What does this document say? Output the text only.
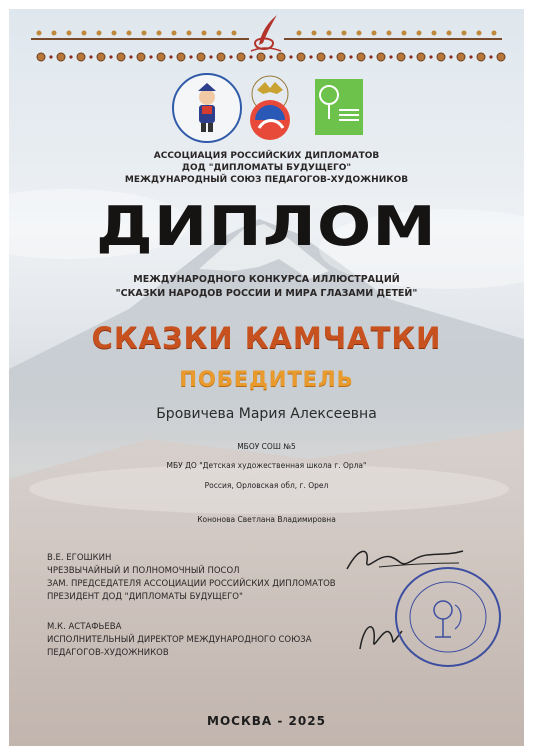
АССОЦИАЦИЯ РОССИЙСКИХ ДИПЛОМАТОВ
ДОД "ДИПЛОМАТЫ БУДУЩЕГО"
МЕЖДУНАРОДНЫЙ СОЮЗ ПЕДАГОГОВ-ХУДОЖНИКОВ
ДИПЛОМ
МЕЖДУНАРОДНОГО КОНКУРСА ИЛЛЮСТРАЦИЙ
"СКАЗКИ НАРОДОВ РОССИИ И МИРА ГЛАЗАМИ ДЕТЕЙ"
СКАЗКИ КАМЧАТКИ
ПОБЕДИТЕЛЬ
Бровичева Мария Алексеевна
МБОУ СОШ №5
МБУ ДО "Детская художественная школа г. Орла"
Россия, Орловская обл, г. Орел
Кононова Светлана Владимировна
В.Е. ЕГОШКИН
ЧРЕЗВЫЧАЙНЫЙ И ПОЛНОМОЧНЫЙ ПОСОЛ
ЗАМ. ПРЕДСЕДАТЕЛЯ АССОЦИАЦИИ РОССИЙСКИХ ДИПЛОМАТОВ
ПРЕЗИДЕНТ ДОД "ДИПЛОМАТЫ БУДУЩЕГО"
М.К. АСТАФЬЕВА
ИСПОЛНИТЕЛЬНЫЙ ДИРЕКТОР МЕЖДУНАРОДНОГО СОЮЗА
ПЕДАГОГОВ-ХУДОЖНИКОВ
МОСКВА - 2025
